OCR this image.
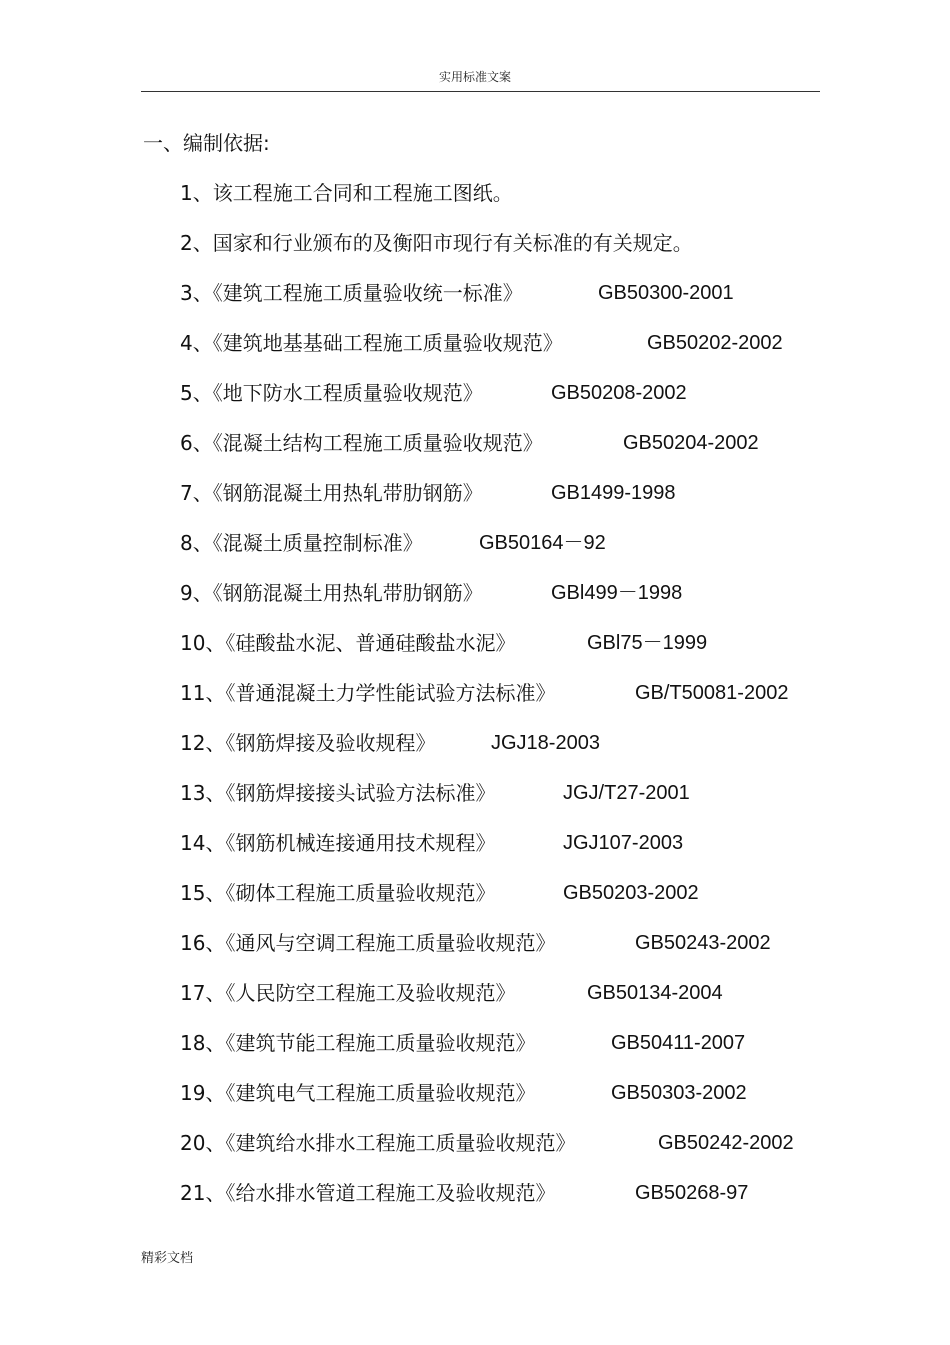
实用标准文案
一、编制依据:
1、该工程施工合同和工程施工图纸。
2、国家和行业颁布的及衡阳市现行有关标准的有关规定。
3、《建筑工程施工质量验收统一标准》	GB50300-2001
4、《建筑地基基础工程施工质量验收规范》	GB50202-2002
5、《地下防水工程质量验收规范》	GB50208-2002
6、《混凝土结构工程施工质量验收规范》	GB50204-2002
7、《钢筋混凝土用热轧带肋钢筋》	GB1499-1998
8、《混凝土质量控制标准》	GB50164－92
9、《钢筋混凝土用热轧带肋钢筋》	GBl499－1998
10、《硅酸盐水泥、普通硅酸盐水泥》	GBl75－1999
11、《普通混凝土力学性能试验方法标准》	GB/T50081-2002
12、《钢筋焊接及验收规程》	JGJ18-2003
13、《钢筋焊接接头试验方法标准》	JGJ/T27-2001
14、《钢筋机械连接通用技术规程》	JGJ107-2003
15、《砌体工程施工质量验收规范》	GB50203-2002
16、《通风与空调工程施工质量验收规范》	GB50243-2002
17、《人民防空工程施工及验收规范》	GB50134-2004
18、《建筑节能工程施工质量验收规范》	GB50411-2007
19、《建筑电气工程施工质量验收规范》	GB50303-2002
20、《建筑给水排水工程施工质量验收规范》	GB50242-2002
21、《给水排水管道工程施工及验收规范》	GB50268-97
精彩文档
